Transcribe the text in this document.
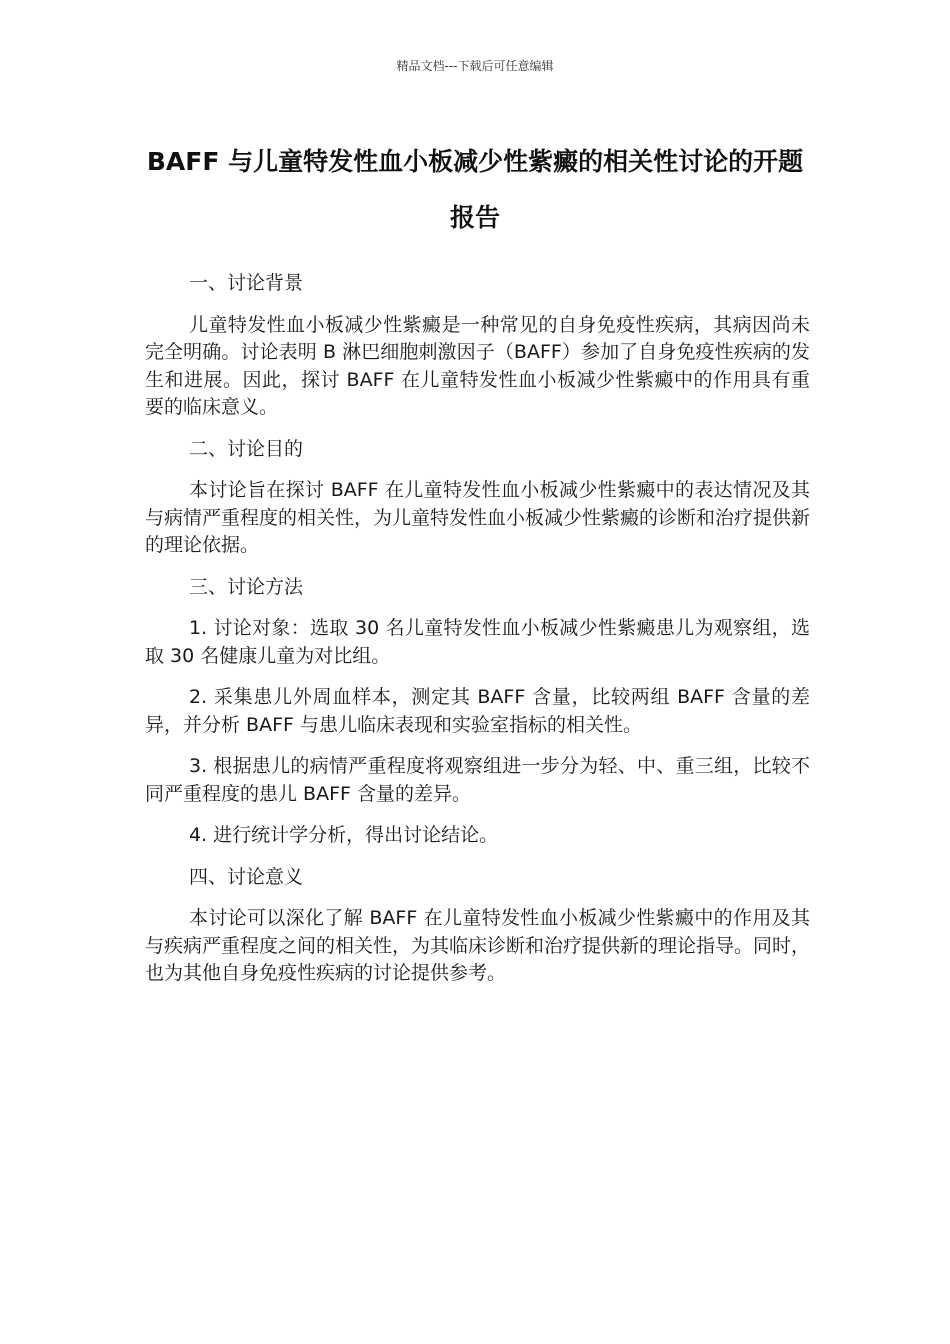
精品文档---下载后可任意编辑
BAFF 与儿童特发性血小板减少性紫癜的相关性讨论的开题报告

一、讨论背景

儿童特发性血小板减少性紫癜是一种常见的自身免疫性疾病，其病因尚未完全明确。讨论表明 B 淋巴细胞刺激因子（BAFF）参加了自身免疫性疾病的发生和进展。因此，探讨 BAFF 在儿童特发性血小板减少性紫癜中的作用具有重要的临床意义。

二、讨论目的

本讨论旨在探讨 BAFF 在儿童特发性血小板减少性紫癜中的表达情况及其与病情严重程度的相关性，为儿童特发性血小板减少性紫癜的诊断和治疗提供新的理论依据。

三、讨论方法

1. 讨论对象：选取 30 名儿童特发性血小板减少性紫癜患儿为观察组，选取 30 名健康儿童为对比组。

2. 采集患儿外周血样本，测定其 BAFF 含量，比较两组 BAFF 含量的差异，并分析 BAFF 与患儿临床表现和实验室指标的相关性。

3. 根据患儿的病情严重程度将观察组进一步分为轻、中、重三组，比较不同严重程度的患儿 BAFF 含量的差异。

4. 进行统计学分析，得出讨论结论。

四、讨论意义

本讨论可以深化了解 BAFF 在儿童特发性血小板减少性紫癜中的作用及其与疾病严重程度之间的相关性，为其临床诊断和治疗提供新的理论指导。同时，也为其他自身免疫性疾病的讨论提供参考。
